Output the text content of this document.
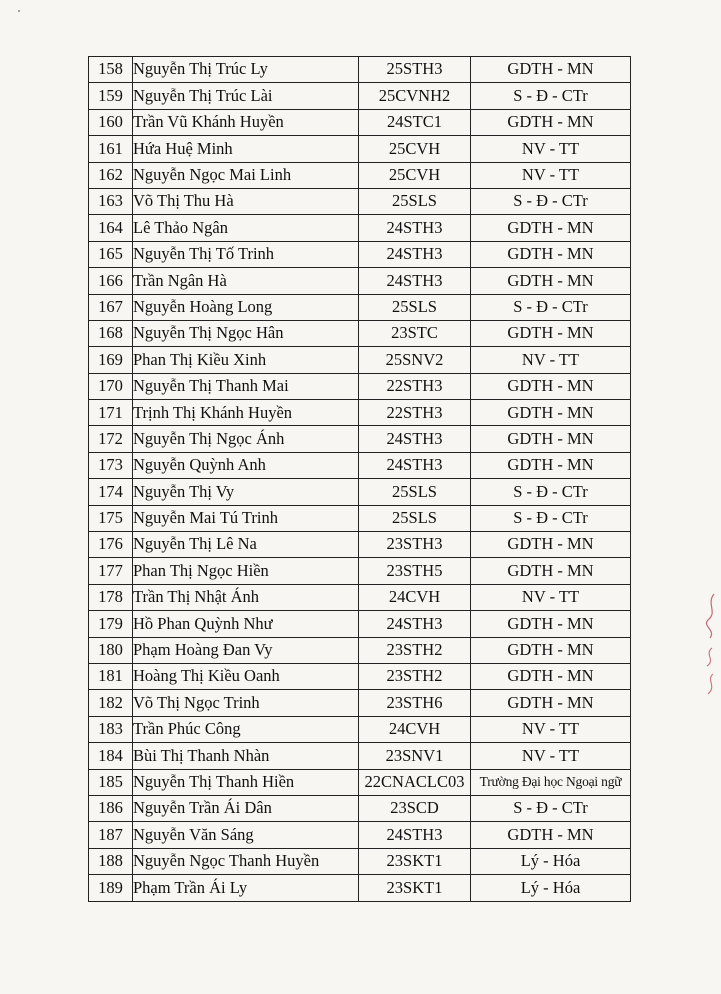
158	Nguyễn Thị Trúc Ly	25STH3	GDTH - MN
159	Nguyễn Thị Trúc Lài	25CVNH2	S - Đ - CTr
160	Trần Vũ Khánh Huyền	24STC1	GDTH - MN
161	Hứa Huệ Minh	25CVH	NV - TT
162	Nguyễn Ngọc Mai Linh	25CVH	NV - TT
163	Võ Thị Thu Hà	25SLS	S - Đ - CTr
164	Lê Thảo Ngân	24STH3	GDTH - MN
165	Nguyễn Thị Tố Trinh	24STH3	GDTH - MN
166	Trần Ngân Hà	24STH3	GDTH - MN
167	Nguyễn Hoàng Long	25SLS	S - Đ - CTr
168	Nguyễn Thị Ngọc Hân	23STC	GDTH - MN
169	Phan Thị Kiều Xinh	25SNV2	NV - TT
170	Nguyễn Thị Thanh Mai	22STH3	GDTH - MN
171	Trịnh Thị Khánh Huyền	22STH3	GDTH - MN
172	Nguyễn Thị Ngọc Ánh	24STH3	GDTH - MN
173	Nguyễn Quỳnh Anh	24STH3	GDTH - MN
174	Nguyễn Thị Vy	25SLS	S - Đ - CTr
175	Nguyễn Mai Tú Trinh	25SLS	S - Đ - CTr
176	Nguyễn Thị Lê Na	23STH3	GDTH - MN
177	Phan Thị Ngọc Hiền	23STH5	GDTH - MN
178	Trần Thị Nhật Ánh	24CVH	NV - TT
179	Hồ Phan Quỳnh Như	24STH3	GDTH - MN
180	Phạm Hoàng Đan Vy	23STH2	GDTH - MN
181	Hoàng Thị Kiều Oanh	23STH2	GDTH - MN
182	Võ Thị Ngọc Trinh	23STH6	GDTH - MN
183	Trần Phúc Công	24CVH	NV - TT
184	Bùi Thị Thanh Nhàn	23SNV1	NV - TT
185	Nguyễn Thị Thanh Hiền	22CNACLC03	Trường Đại học Ngoại ngữ
186	Nguyễn Trần Ái Dân	23SCD	S - Đ - CTr
187	Nguyễn Văn Sáng	24STH3	GDTH - MN
188	Nguyễn Ngọc Thanh Huyền	23SKT1	Lý - Hóa
189	Phạm Trần Ái Ly	23SKT1	Lý - Hóa
